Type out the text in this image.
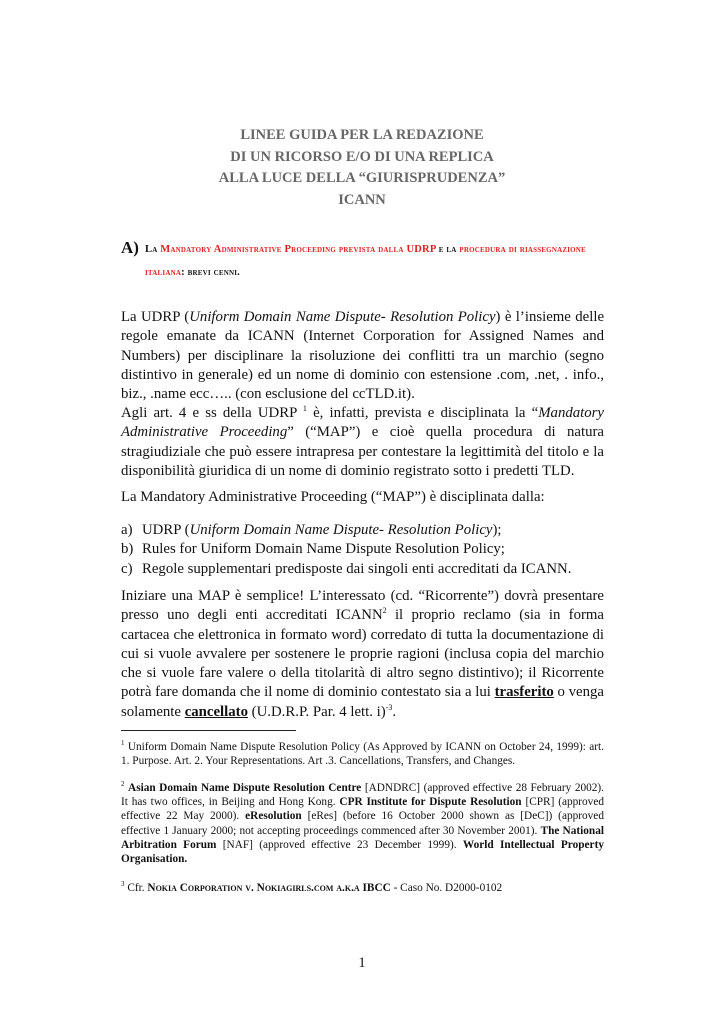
LINEE GUIDA PER LA REDAZIONE
DI UN RICORSO E/O DI UNA REPLICA
ALLA LUCE DELLA “GIURISPRUDENZA”
ICANN
A) La Mandatory Administrative Proceeding prevista dalla UDRP e la procedura di riassegnazione italiana: brevi cenni.
La UDRP (Uniform Domain Name Dispute- Resolution Policy) è l’insieme delle regole emanate da ICANN (Internet Corporation for Assigned Names and Numbers) per disciplinare la risoluzione dei conflitti tra un marchio (segno distintivo in generale) ed un nome di dominio con estensione .com, .net, . info., biz., .name ecc….. (con esclusione del ccTLD.it).
Agli art. 4 e ss della UDRP $^1$ è, infatti, prevista e disciplinata la “Mandatory Administrative Proceeding” (“MAP”) e cioè quella procedura di natura stragiudiziale che può essere intrapresa per contestare la legittimità del titolo e la disponibilità giuridica di un nome di dominio registrato sotto i predetti TLD.
La Mandatory Administrative Proceeding (“MAP”) è disciplinata dalla:
a) UDRP (Uniform Domain Name Dispute- Resolution Policy);
b) Rules for Uniform Domain Name Dispute Resolution Policy;
c) Regole supplementari predisposte dai singoli enti accreditati da ICANN.
Iniziare una MAP è semplice! L’interessato (cd. “Ricorrente”) dovrà presentare presso uno degli enti accreditati ICANN$^2$ il proprio reclamo (sia in forma cartacea che elettronica in formato word) corredato di tutta la documentazione di cui si vuole avvalere per sostenere le proprie ragioni (inclusa copia del marchio che si vuole fare valere o della titolarità di altro segno distintivo); il Ricorrente potrà fare domanda che il nome di dominio contestato sia a lui trasferito o venga solamente cancellato (U.D.R.P. Par. 4 lett. i)$^{-3}$.
$^1$ Uniform Domain Name Dispute Resolution Policy (As Approved by ICANN on October 24, 1999): art. 1. Purpose. Art. 2. Your Representations. Art .3. Cancellations, Transfers, and Changes.
$^2$ Asian Domain Name Dispute Resolution Centre [ADNDRC] (approved effective 28 February 2002). It has two offices, in Beijing and Hong Kong. CPR Institute for Dispute Resolution [CPR] (approved effective 22 May 2000). eResolution [eRes] (before 16 October 2000 shown as [DeC]) (approved effective 1 January 2000; not accepting proceedings commenced after 30 November 2001). The National Arbitration Forum [NAF] (approved effective 23 December 1999). World Intellectual Property Organisation.
$^3$ Cfr. Nokia Corporation v. Nokiagirls.com a.k.a IBCC - Caso No. D2000-0102
1
